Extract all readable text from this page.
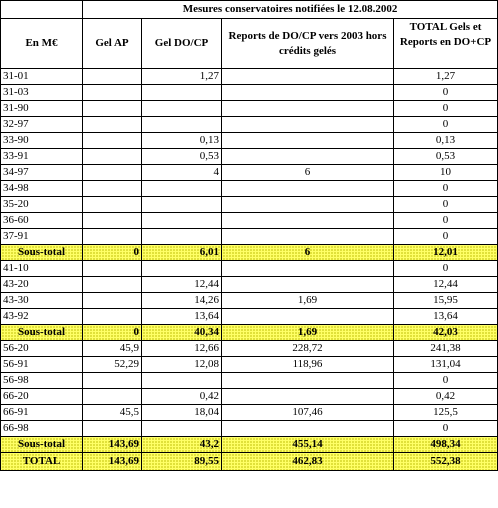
	Mesures conservatoires notifiées le 12.08.2002			
En M€	Gel AP	Gel DO/CP	Reports de DO/CP vers 2003 hors crédits gelés	TOTAL Gels et Reports en DO+CP
31-01		1,27		1,27
31-03				0
31-90				0
32-97				0
33-90		0,13		0,13
33-91		0,53		0,53
34-97		4	6	10
34-98				0
35-20				0
36-60				0
37-91				0
Sous-total	0	6,01	6	12,01
41-10				0
43-20		12,44		12,44
43-30		14,26	1,69	15,95
43-92		13,64		13,64
Sous-total	0	40,34	1,69	42,03
56-20	45,9	12,66	228,72	241,38
56-91	52,29	12,08	118,96	131,04
56-98				0
66-20		0,42		0,42
66-91	45,5	18,04	107,46	125,5
66-98				0
Sous-total	143,69	43,2	455,14	498,34
TOTAL	143,69	89,55	462,83	552,38
